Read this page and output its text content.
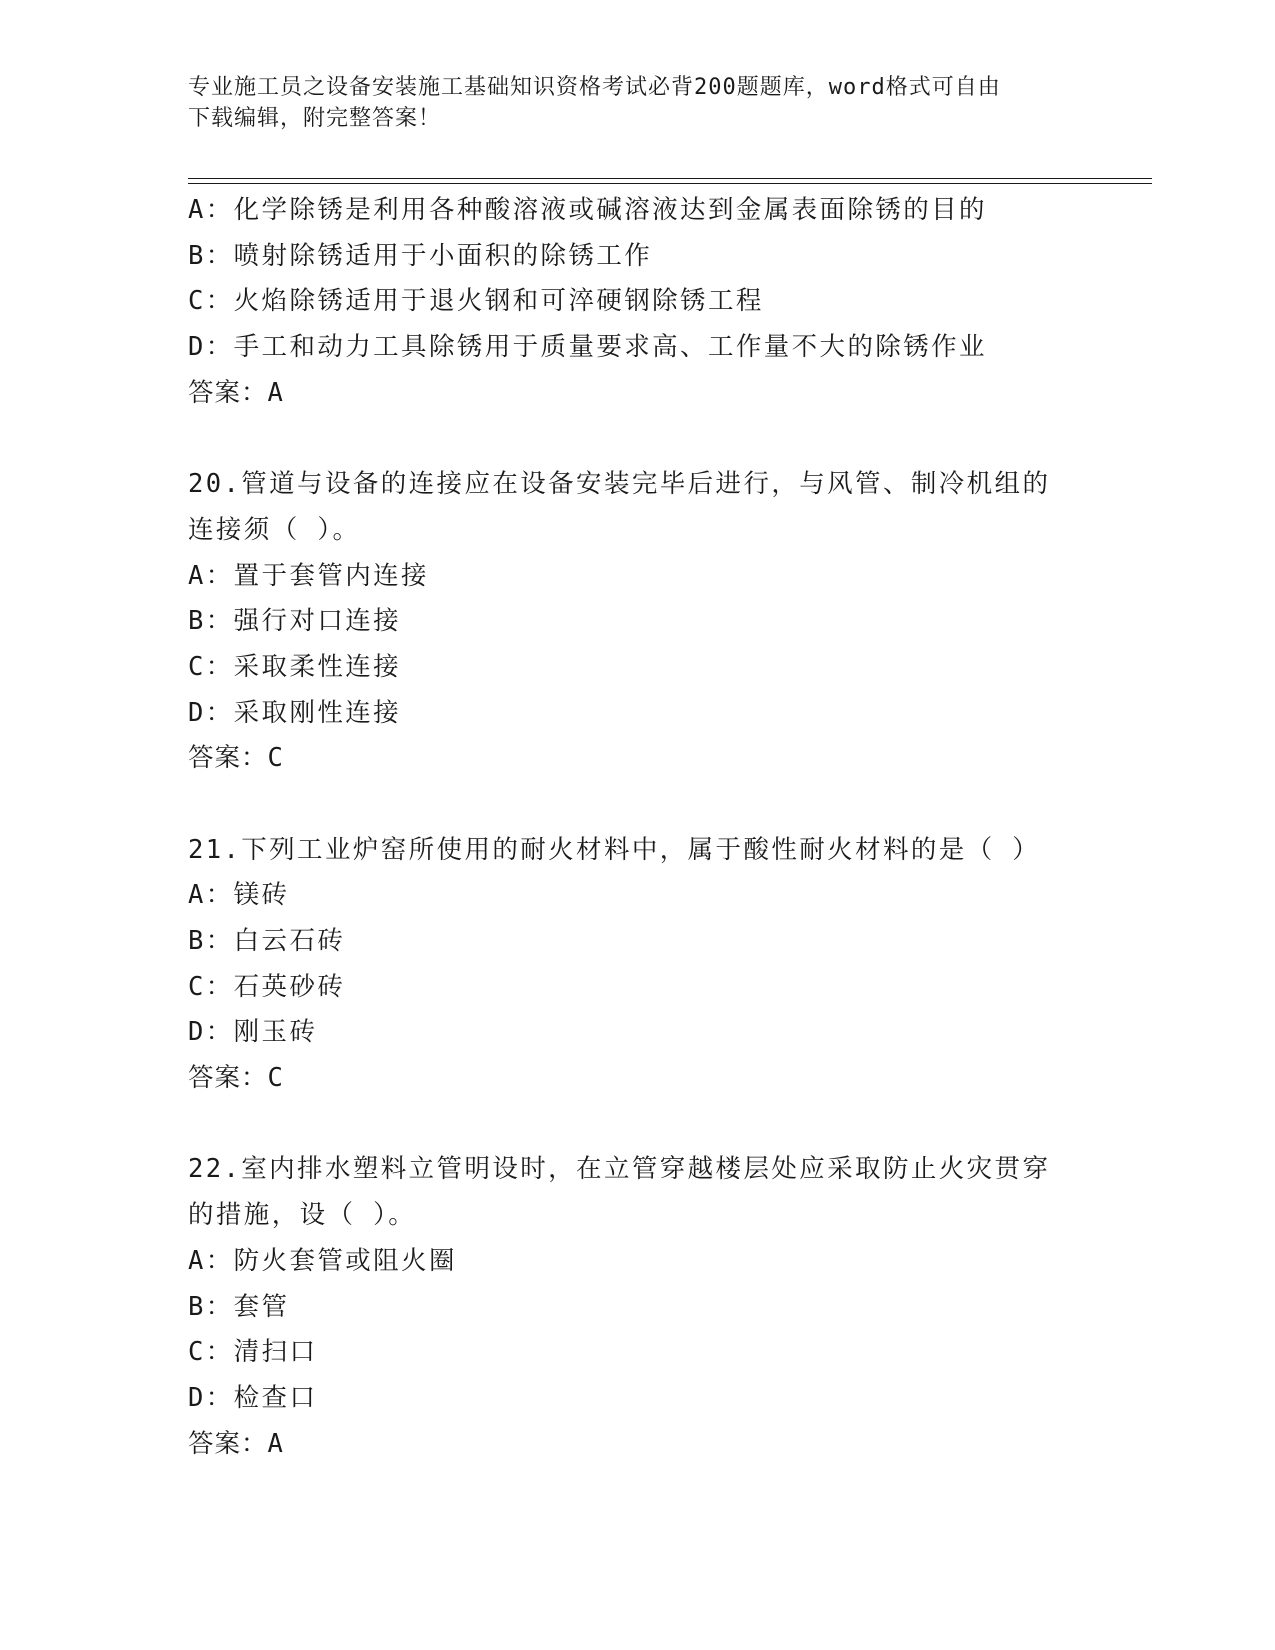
专业施工员之设备安装施工基础知识资格考试必背200题题库，word格式可自由
下载编辑，附完整答案！

A：化学除锈是利用各种酸溶液或碱溶液达到金属表面除锈的目的

B：喷射除锈适用于小面积的除锈工作

C：火焰除锈适用于退火钢和可淬硬钢除锈工程

D：手工和动力工具除锈用于质量要求高、工作量不大的除锈作业

答案：A

20.管道与设备的连接应在设备安装完毕后进行，与风管、制冷机组的

连接须（ ）。

A：置于套管内连接

B：强行对口连接

C：采取柔性连接

D：采取刚性连接

答案：C

21.下列工业炉窑所使用的耐火材料中，属于酸性耐火材料的是（ ）

A：镁砖

B：白云石砖

C：石英砂砖

D：刚玉砖

答案：C

22.室内排水塑料立管明设时，在立管穿越楼层处应采取防止火灾贯穿

的措施，设（ ）。

A：防火套管或阻火圈

B：套管

C：清扫口

D：检查口

答案：A
